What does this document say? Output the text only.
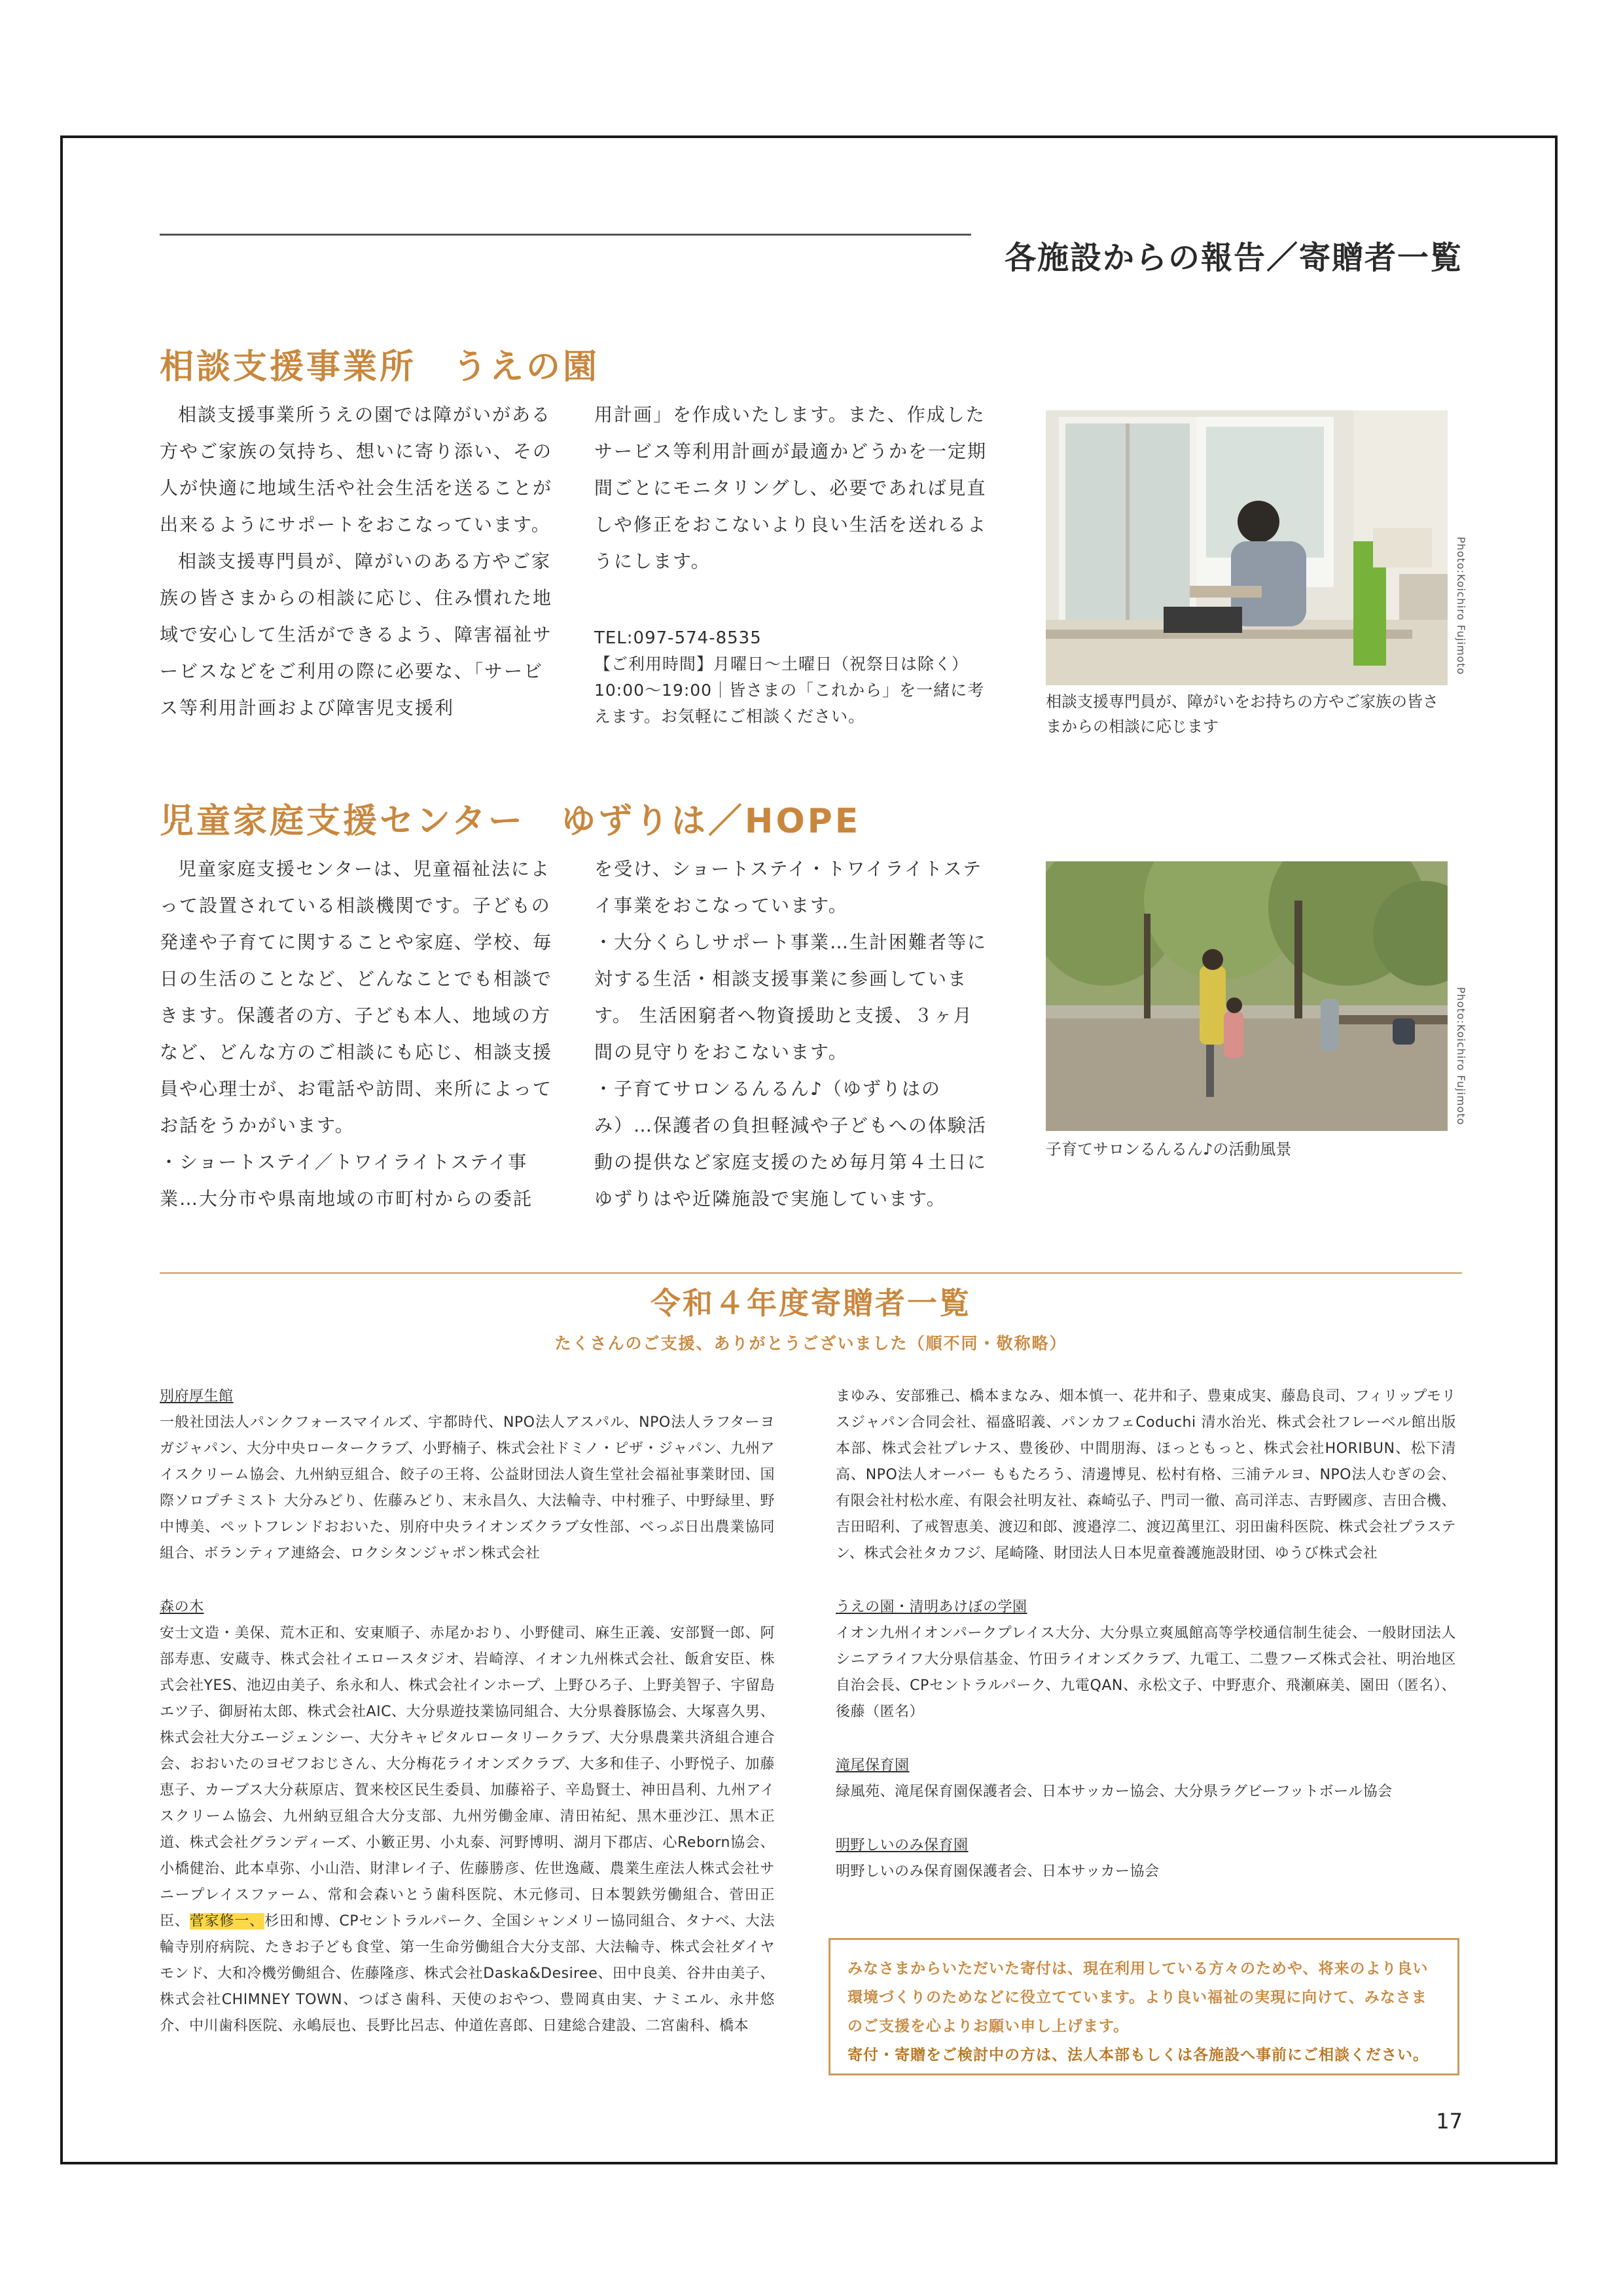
各施設からの報告／寄贈者一覧
相談支援事業所　うえの園

相談支援事業所うえの園では障がいがある方やご家族の気持ち、想いに寄り添い、その人が快適に地域生活や社会生活を送ることが出来るようにサポートをおこなっています。

相談支援専門員が、障がいのある方やご家族の皆さまからの相談に応じ、住み慣れた地域で安心して生活ができるよう、障害福祉サービスなどをご利用の際に必要な、「サービス等利用計画および障害児支援利

用計画」を作成いたします。また、作成したサービス等利用計画が最適かどうかを一定期間ごとにモニタリングし、必要であれば見直しや修正をおこないより良い生活を送れるようにします。

TEL:097-574-8535
【ご利用時間】月曜日～土曜日（祝祭日は除く）
10:00～19:00｜皆さまの「これから」を一緒に考えます。お気軽にご相談ください。
Photo:Koichiro Fujimoto
相談支援専門員が、障がいをお持ちの方やご家族の皆さまからの相談に応じます
児童家庭支援センター　ゆずりは／HOPE

児童家庭支援センターは、児童福祉法によって設置されている相談機関です。子どもの発達や子育てに関することや家庭、学校、毎日の生活のことなど、どんなことでも相談できます。保護者の方、子ども本人、地域の方など、どんな方のご相談にも応じ、相談支援員や心理士が、お電話や訪問、来所によってお話をうかがいます。

・ショートステイ／トワイライトステイ事業…大分市や県南地域の市町村からの委託

を受け、ショートステイ・トワイライトステイ事業をおこなっています。

・大分くらしサポート事業…生計困難者等に対する生活・相談支援事業に参画しています。 生活困窮者へ物資援助と支援、３ヶ月間の見守りをおこないます。

・子育てサロンるんるん♪（ゆずりはのみ）…保護者の負担軽減や子どもへの体験活動の提供など家庭支援のため毎月第４土日にゆずりはや近隣施設で実施しています。

Photo:Koichiro Fujimoto
子育てサロンるんるん♪の活動風景
令和４年度寄贈者一覧
たくさんのご支援、ありがとうございました（順不同・敬称略）

別府厚生館

一般社団法人パンクフォースマイルズ、宇都時代、NPO法人アスパル、NPO法人ラフターヨガジャパン、大分中央ロータークラブ、小野楠子、株式会社ドミノ・ピザ・ジャパン、九州アイスクリーム協会、九州納豆組合、餃子の王将、公益財団法人資生堂社会福祉事業財団、国際ソロプチミスト 大分みどり、佐藤みどり、末永昌久、大法輪寺、中村雅子、中野緑里、野中博美、ペットフレンドおおいた、別府中央ライオンズクラブ女性部、べっぷ日出農業協同組合、ボランティア連絡会、ロクシタンジャポン株式会社

森の木

安士文造・美保、荒木正和、安東順子、赤尾かおり、小野健司、麻生正義、安部賢一郎、阿部寿恵、安蔵寺、株式会社イエロースタジオ、岩崎淳、イオン九州株式会社、飯倉安臣、株式会社YES、池辺由美子、糸永和人、株式会社インホープ、上野ひろ子、上野美智子、宇留島エツ子、御厨祐太郎、株式会社AIC、大分県遊技業協同組合、大分県養豚協会、大塚喜久男、株式会社大分エージェンシー、大分キャピタルロータリークラブ、大分県農業共済組合連合会、おおいたのヨゼフおじさん、大分梅花ライオンズクラブ、大多和佳子、小野悦子、加藤恵子、カーブス大分萩原店、賀来校区民生委員、加藤裕子、辛島賢士、神田昌利、九州アイスクリーム協会、九州納豆組合大分支部、九州労働金庫、清田祐紀、黒木亜沙江、黒木正道、株式会社グランディーズ、小籔正男、小丸泰、河野博明、湖月下郡店、心Reborn協会、小橋健治、此本卓弥、小山浩、財津レイ子、佐藤勝彦、佐世逸蔵、農業生産法人株式会社サニープレイスファーム、常和会森いとう歯科医院、木元修司、日本製鉄労働組合、菅田正臣、菅家修一、杉田和博、CPセントラルパーク、全国シャンメリー協同組合、タナベ、大法輪寺別府病院、たきお子ども食堂、第一生命労働組合大分支部、大法輪寺、株式会社ダイヤモンド、大和冷機労働組合、佐藤隆彦、株式会社Daska&Desiree、田中良美、谷井由美子、株式会社CHIMNEY TOWN、つばさ歯科、天使のおやつ、豊岡真由実、ナミエル、永井悠介、中川歯科医院、永嶋辰也、長野比呂志、仲道佐喜郎、日建総合建設、二宮歯科、橋本

まゆみ、安部雅己、橋本まなみ、畑本慎一、花井和子、豊東成実、藤島良司、フィリップモリスジャパン合同会社、福盛昭義、パンカフェCoduchi 清水治光、株式会社フレーベル館出版本部、株式会社プレナス、豊後砂、中間朋海、ほっともっと、株式会社HORIBUN、松下清高、NPO法人オーバー ももたろう、清邊博見、松村有格、三浦テルヨ、NPO法人むぎの会、有限会社村松水産、有限会社明友社、森崎弘子、門司一徹、高司洋志、吉野國彦、吉田合機、吉田昭利、了戒智恵美、渡辺和郎、渡邉淳二、渡辺萬里江、羽田歯科医院、株式会社プラステン、株式会社タカフジ、尾崎隆、財団法人日本児童養護施設財団、ゆうび株式会社

うえの園・清明あけぼの学園

イオン九州イオンパークプレイス大分、大分県立爽風館高等学校通信制生徒会、一般財団法人シニアライフ大分県信基金、竹田ライオンズクラブ、九電工、二豊フーズ株式会社、明治地区自治会長、CPセントラルパーク、九電QAN、永松文子、中野恵介、飛瀬麻美、園田（匿名）、後藤（匿名）

滝尾保育園

緑風苑、滝尾保育園保護者会、日本サッカー協会、大分県ラグビーフットボール協会

明野しいのみ保育園

明野しいのみ保育園保護者会、日本サッカー協会

みなさまからいただいた寄付は、現在利用している方々のためや、将来のより良い環境づくりのためなどに役立てています。より良い福祉の実現に向けて、みなさまのご支援を心よりお願い申し上げます。

寄付・寄贈をご検討中の方は、法人本部もしくは各施設へ事前にご相談ください。

17
